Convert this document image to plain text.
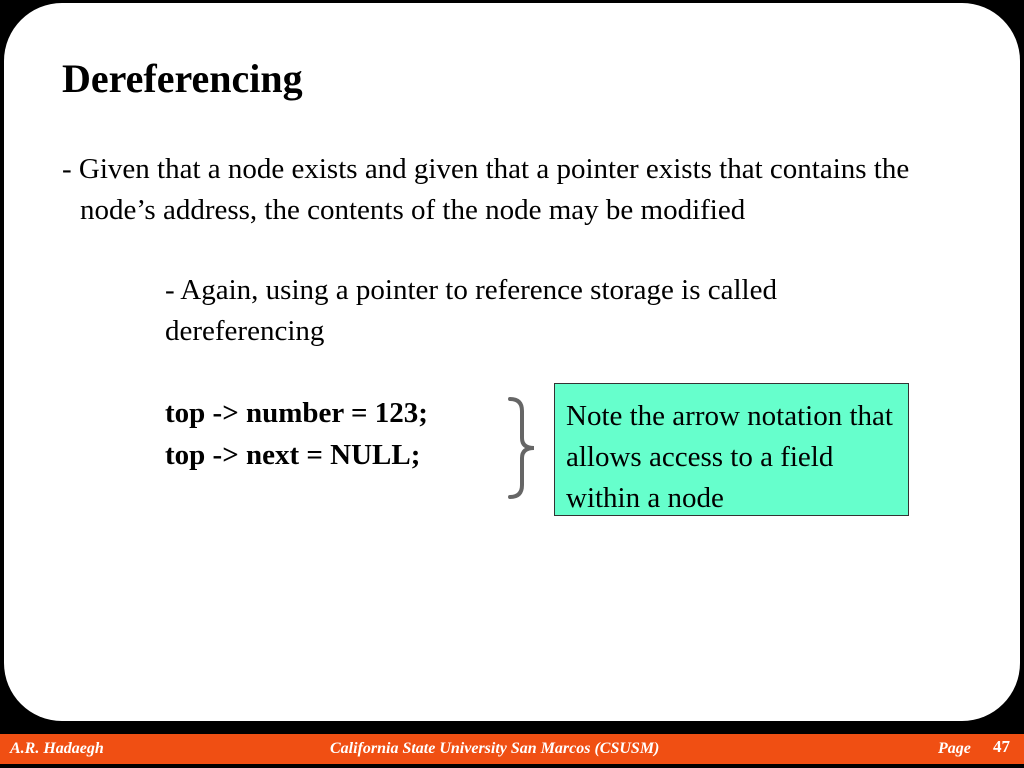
Dereferencing

- Given that a node exists and given that a pointer exists that contains the node’s address, the contents of the node may be modified

- Again, using a pointer to reference storage is called dereferencing

top -> number = 123;
top -> next = NULL;
Note the arrow notation that allows access to a field within a node
A.R. Hadaegh	California State University San Marcos (CSUSM)	Page 47
